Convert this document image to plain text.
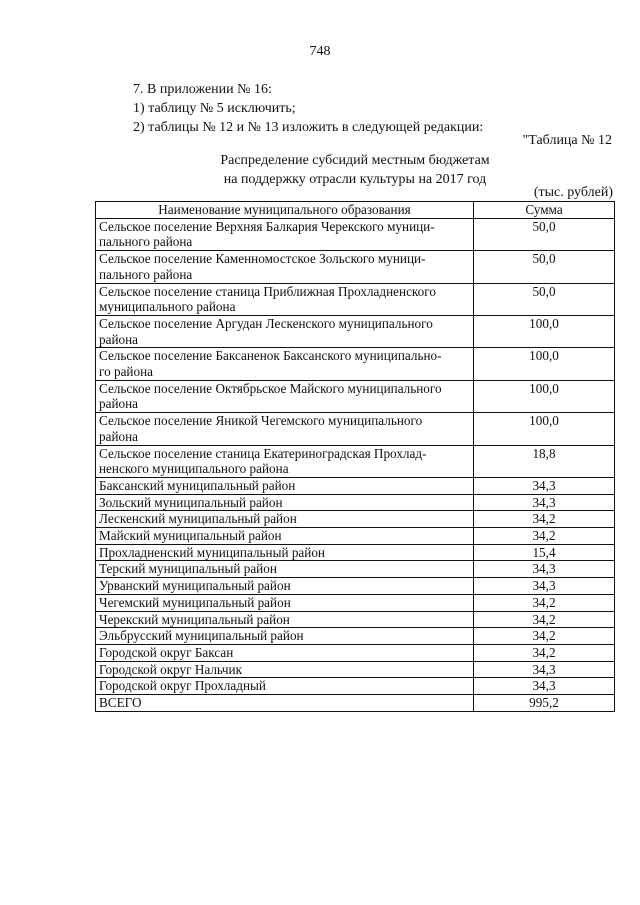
748
7. В приложении № 16:
1) таблицу № 5 исключить;
2) таблицы № 12 и № 13 изложить в следующей редакции:
"Таблица № 12
Распределение субсидий местным бюджетам
на поддержку отрасли культуры на 2017 год
(тыс. рублей)
Наименование муниципального образования	Сумма

Сельское поселение Верхняя Балкария Черекского муници-
пального района	50,0

Сельское поселение Каменномостское Зольского муници-
пального района	50,0

Сельское поселение станица Приближная Прохладненского
муниципального района	50,0

Сельское поселение Аргудан Лескенского муниципального
района	100,0

Сельское поселение Баксаненок Баксанского муниципально-
го района	100,0

Сельское поселение Октябрьское Майского муниципального
района	100,0

Сельское поселение Яникой Чегемского муниципального
района	100,0

Сельское поселение станица Екатериноградская Прохлад-
ненского муниципального района	18,8

Баксанский муниципальный район	34,3

Зольский муниципальный район	34,3

Лескенский муниципальный район	34,2

Майский муниципальный район	34,2

Прохладненский муниципальный район	15,4

Терский муниципальный район	34,3

Урванский муниципальный район	34,3

Чегемский муниципальный район	34,2

Черекский муниципальный район	34,2

Эльбрусский муниципальный район	34,2

Городской округ Баксан	34,2

Городской округ Нальчик	34,3

Городской округ Прохладный	34,3

ВСЕГО	995,2
